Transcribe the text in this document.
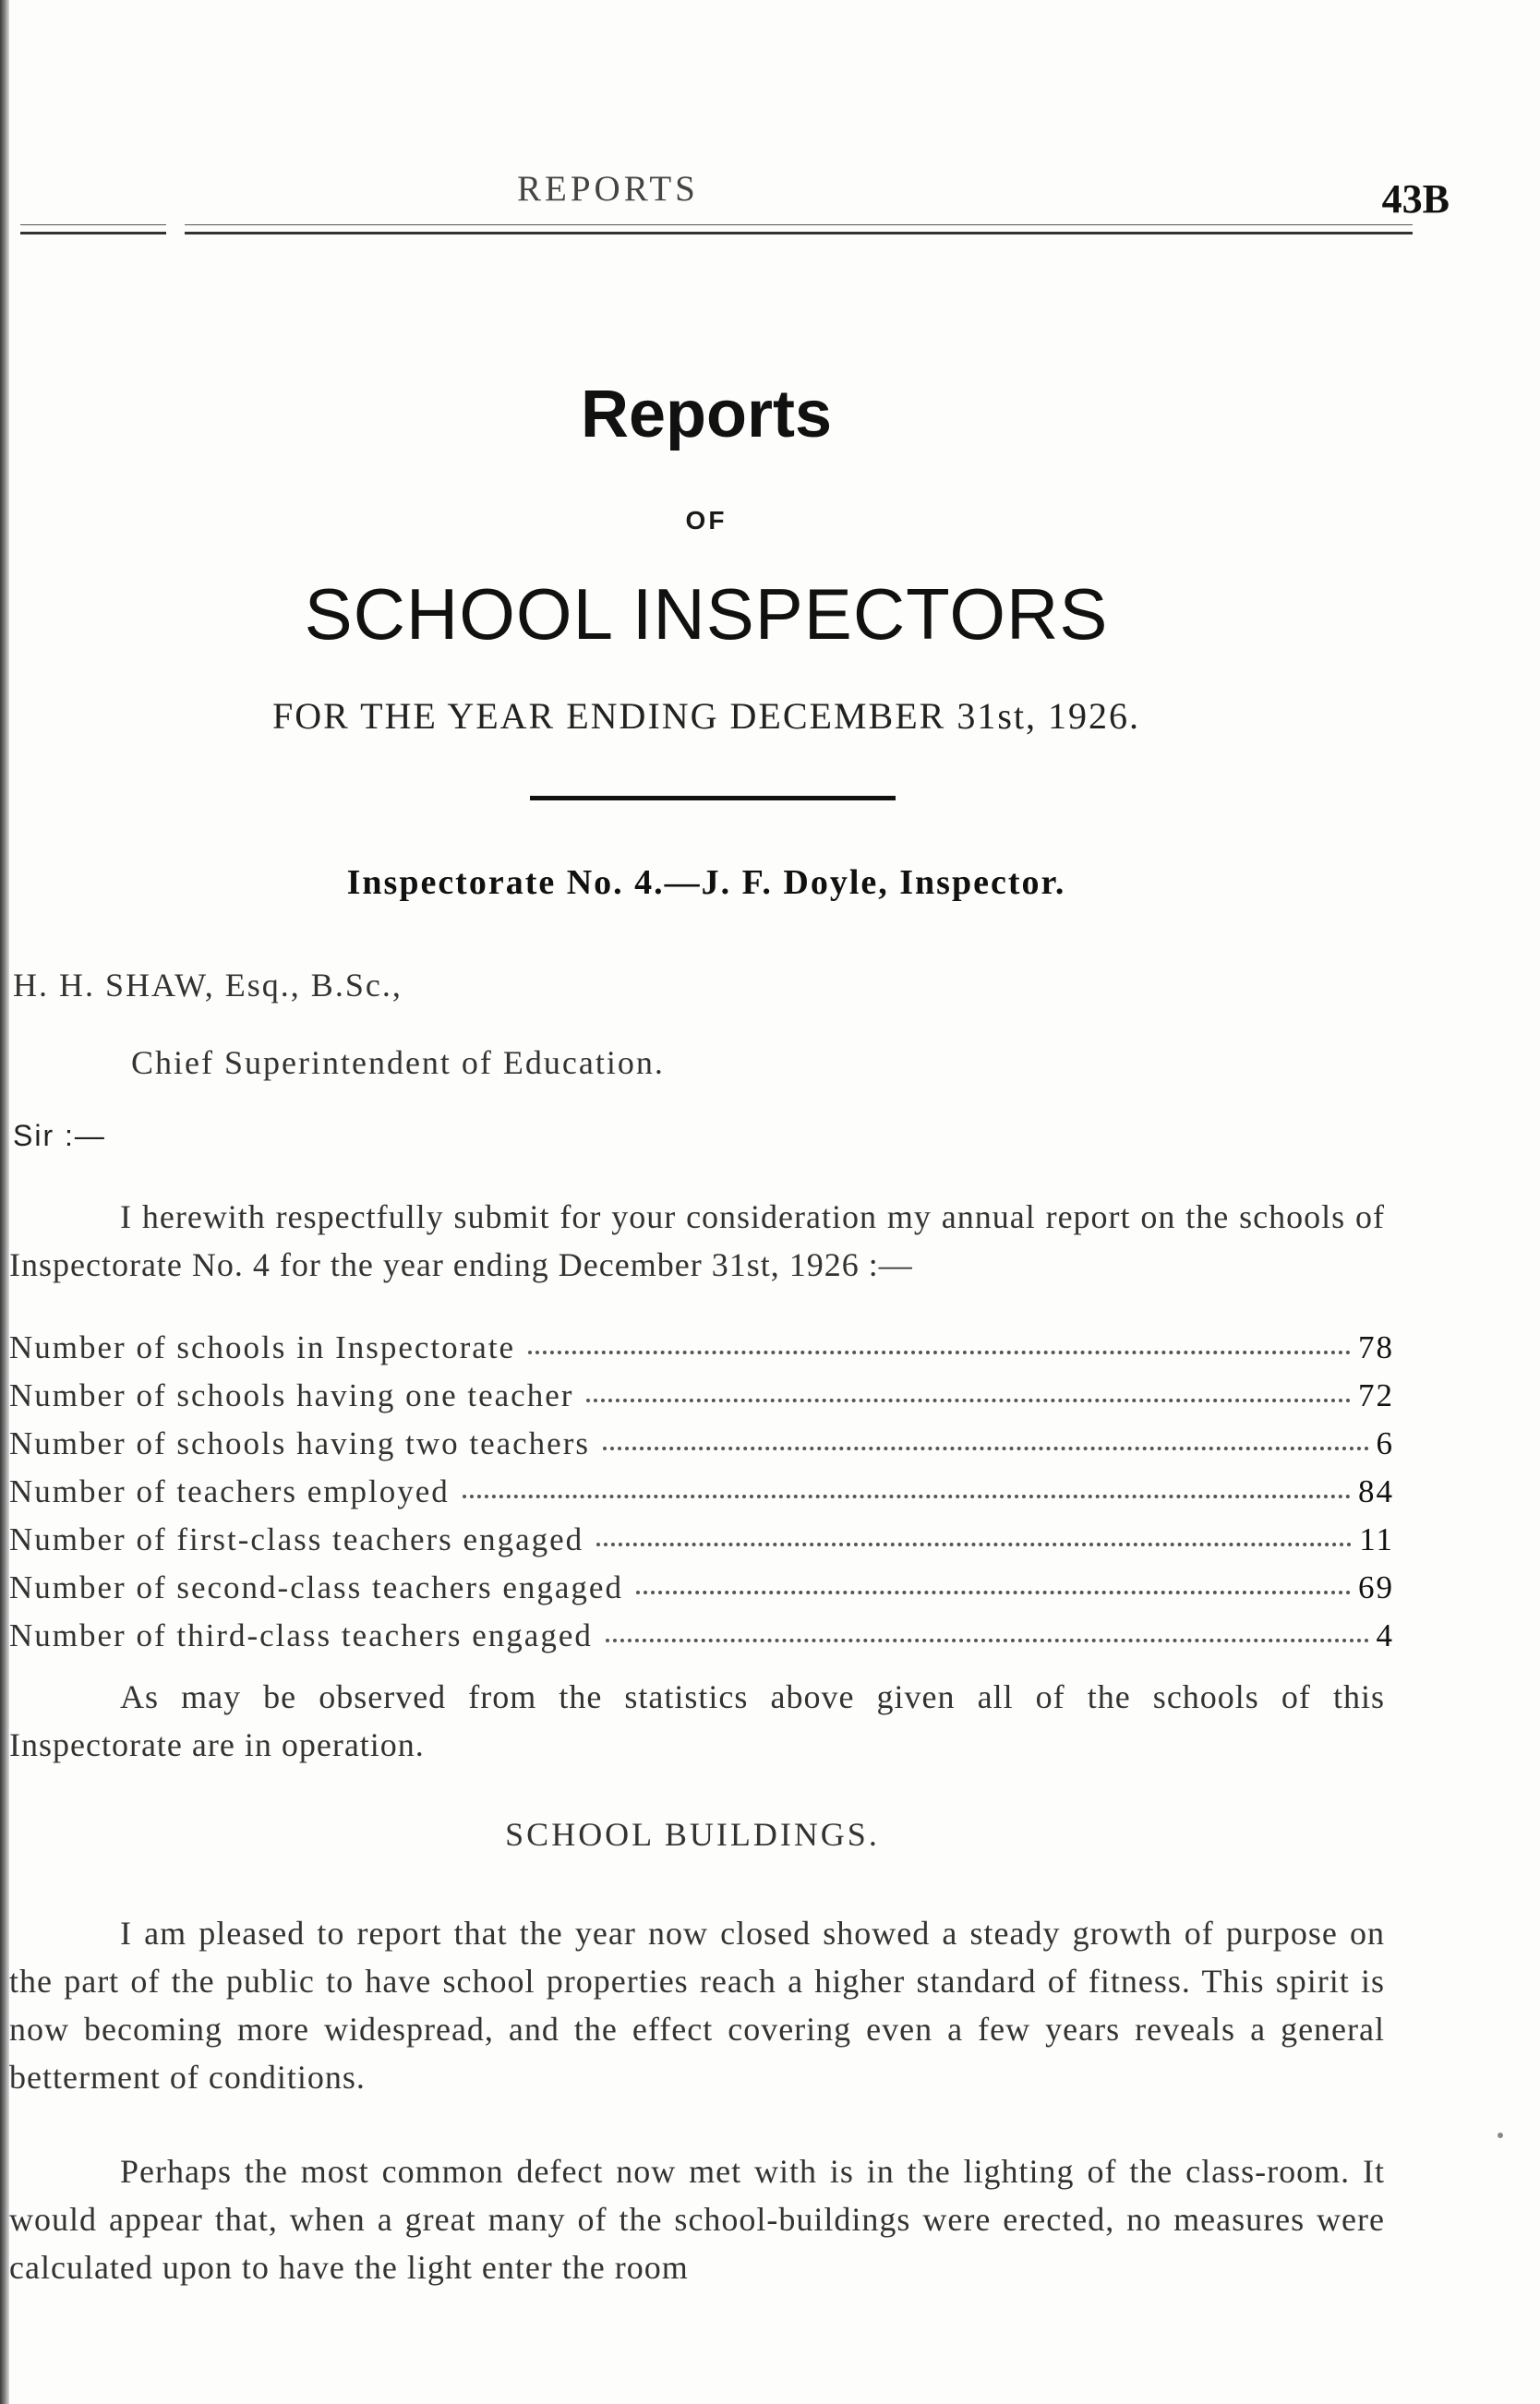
REPORTS	43B
Reports
OF
SCHOOL INSPECTORS
FOR THE YEAR ENDING DECEMBER 31st, 1926.
Inspectorate No. 4.—J. F. Doyle, Inspector.
H. H. SHAW, Esq., B.Sc.,
Chief Superintendent of Education.
Sir :—
I herewith respectfully submit for your consideration my annual report on the schools of Inspectorate No. 4 for the year ending December 31st, 1926 :—
Number of schools in Inspectorate	78
Number of schools having one teacher	72
Number of schools having two teachers	6
Number of teachers employed	84
Number of first-class teachers engaged	11
Number of second-class teachers engaged	69
Number of third-class teachers engaged	4
As may be observed from the statistics above given all of the schools of this Inspectorate are in operation.
SCHOOL BUILDINGS.
I am pleased to report that the year now closed showed a steady growth of purpose on the part of the public to have school properties reach a higher standard of fitness. This spirit is now becoming more widespread, and the effect covering even a few years reveals a general betterment of conditions.
Perhaps the most common defect now met with is in the lighting of the class-room. It would appear that, when a great many of the school-buildings were erected, no measures were calculated upon to have the light enter the room
